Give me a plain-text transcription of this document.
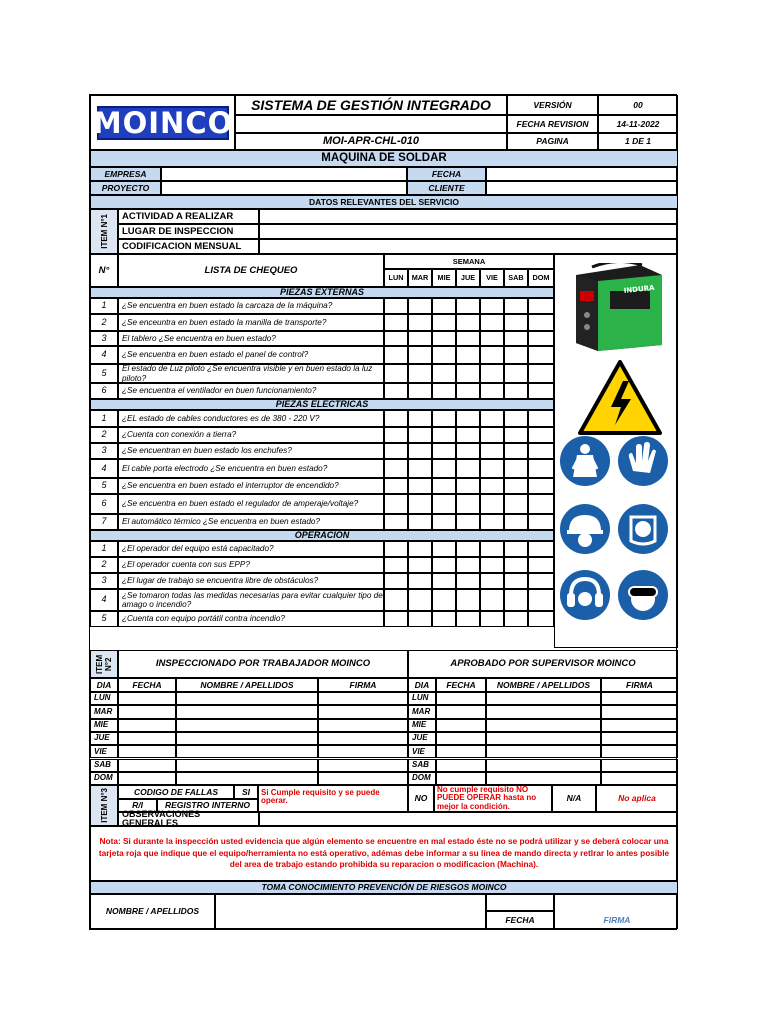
MOINCO
SISTEMA DE GESTIÓN INTEGRADO	VERSIÓN	00
FECHA REVISION	14-11-2022
MOI-APR-CHL-010	PAGINA	1 DE 1
MAQUINA DE SOLDAR
EMPRESA	FECHA
PROYECTO	CLIENTE
DATOS RELEVANTES DEL SERVICIO
ITEM N°1	ACTIVIDAD A REALIZAR
LUGAR DE INSPECCION
CODIFICACION MENSUAL
N°	LISTA DE CHEQUEO
SEMANA
LUN	MAR	MIE	JUE	VIE	SAB	DOM
PIEZAS EXTERNAS
1	¿Se encuentra en buen estado la carcaza de la máquina?
2	¿Se enceuntra en buen estado la manilla de transporte?
3	El tablero ¿Se encuentra en buen estado?
4	¿Se encuentra en buen estado el panel de control?
5	El estado de Luz piloto ¿Se encuentra visible y en buen estado la luz piloto?
6	¿Se encuentra el ventilador en buen funcionamiento?
PIEZAS ELECTRICAS
1	¿EL estado de cables conductores es de 380 - 220 V?
2	¿Cuenta con conexión a tierra?
3	¿Se encuentran en buen estado los enchufes?
4	El cable porta electrodo ¿Se encuentra en buen estado?
5	¿Se encuentra en buen estado el interruptor de encendido?
6	¿Se encuentra en buen estado el regulador de amperaje/voltaje?
7	El automático térmico ¿Se encuentra en buen estado?
OPERACION
1	¿El operador del equipo está capacitado?
2	¿El operador cuenta con sus EPP?
3	¿El lugar de trabajo se encuentra libre de obstáculos?
4	¿Se tomaron todas las medidas necesarias para evitar cualquier tipo de amago o incendio?
5	¿Cuenta con equipo portátil contra incendio?
INDURA
ITEM N°2	INSPECCIONADO POR TRABAJADOR MOINCO	APROBADO POR SUPERVISOR MOINCO
DIA	FECHA	NOMBRE / APELLIDOS	FIRMA	DIA	FECHA	NOMBRE / APELLIDOS	FIRMA
LUN	LUN
MAR	MAR
MIE	MIE
JUE	JUE
VIE	VIE
SAB	SAB
DOM	DOM
ITEM N°3	CODIGO DE FALLAS	SI	Si Cumple requisito y se puede operar.	NO
No cumple requisito NO PUEDE OPERAR hasta no mejor la condición.
N/A	No aplica
R/I	REGISTRO INTERNO
OBSERVACIONES GENERALES
Nota: Si durante la inspección usted evidencia que algún elemento se encuentre en mal estado éste no se podrá utilizar y se deberá colocar una tarjeta roja que indique que el equipo/herramienta no está operativo, adémas debe informar a su línea de mando directa y retlrar lo antes posible del area de trabajo estando prohibida su reparacion o modificacion (Machina).
TOMA CONOCIMIENTO PREVENCIÓN DE RIESGOS MOINCO
NOMBRE / APELLIDOS
FECHA	FIRMA
